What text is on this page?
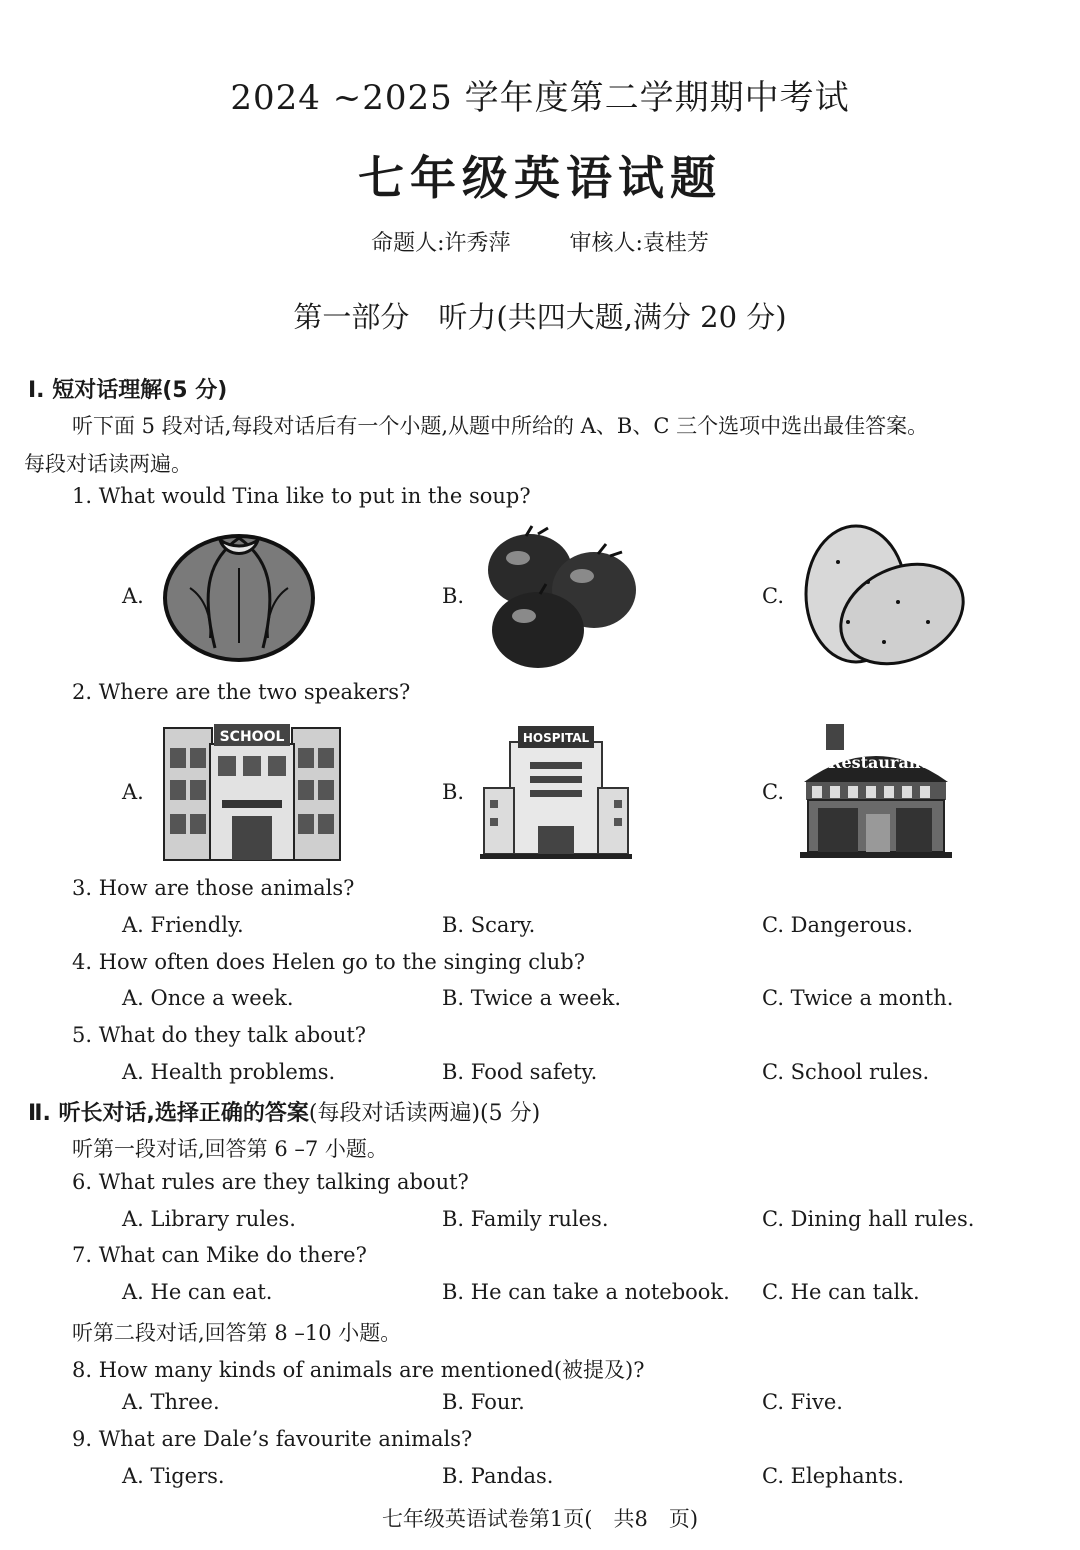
2024 ~2025 学年度第二学期期中考试
七年级英语试题
命题人:许秀萍	审核人:袁桂芳
第一部分　听力(共四大题,满分 20 分)
Ⅰ. 短对话理解(5 分)
听下面 5 段对话,每段对话后有一个小题,从题中所给的 A、B、C 三个选项中选出最佳答案。
每段对话读两遍。
1. What would Tina like to put in the soup?
A.	B.	C.
2. Where are the two speakers?
A.	B.	C.
SCHOOL	HOSPITAL
Restaurant
3. How are those animals?
A. Friendly.	B. Scary.	C. Dangerous.
4. How often does Helen go to the singing club?
A. Once a week.	B. Twice a week.	C. Twice a month.
5. What do they talk about?
A. Health problems.	B. Food safety.	C. School rules.
Ⅱ. 听长对话,选择正确的答案(每段对话读两遍)(5 分)
听第一段对话,回答第 6 –7 小题。
6. What rules are they talking about?
A. Library rules.	B. Family rules.	C. Dining hall rules.
7. What can Mike do there?
A. He can eat.	B. He can take a notebook. C. He can talk.
听第二段对话,回答第 8 –10 小题。
8. How many kinds of animals are mentioned(被提及)?
A. Three.	B. Four.	C. Five.
9. What are Dale’s favourite animals?
A. Tigers.	B. Pandas.	C. Elephants.
七年级英语试卷第1页(　共8　页)
